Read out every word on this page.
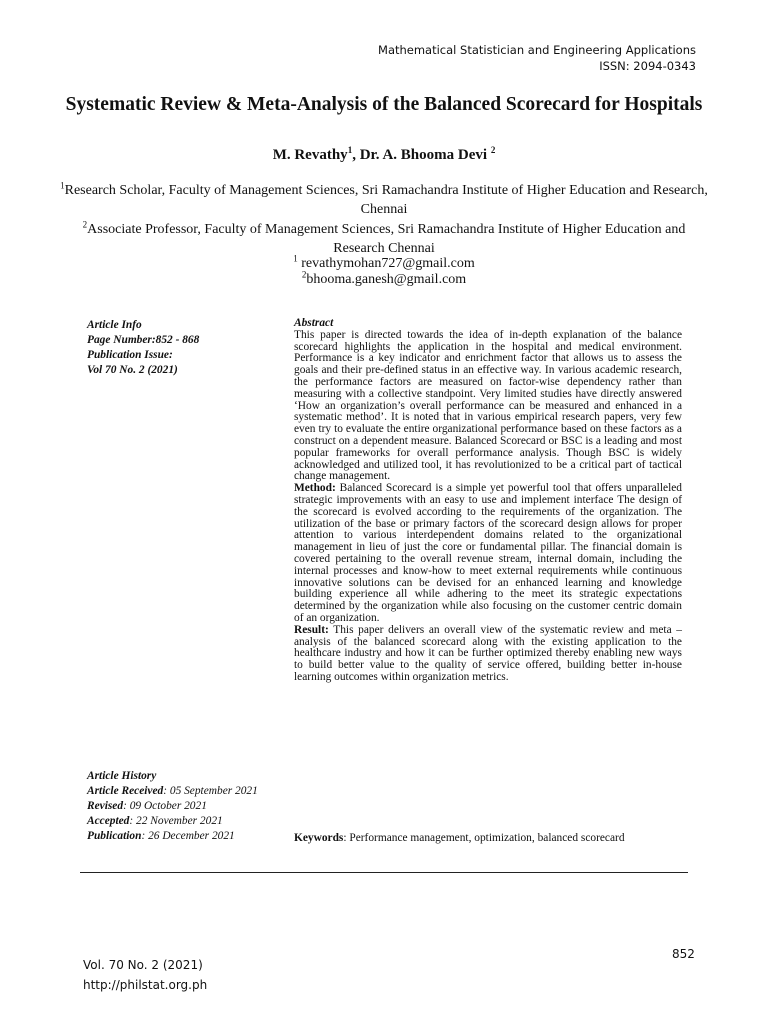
Mathematical Statistician and Engineering Applications
ISSN: 2094-0343
Systematic Review & Meta-Analysis of the Balanced Scorecard for Hospitals
M. Revathy$^1$, Dr. A. Bhooma Devi $^2$
$^1$Research Scholar, Faculty of Management Sciences, Sri Ramachandra Institute of Higher Education and Research, Chennai
$^2$Associate Professor, Faculty of Management Sciences, Sri Ramachandra Institute of Higher Education and Research Chennai
$^1$ revathymohan727@gmail.com
$^2$bhooma.ganesh@gmail.com
Article Info
Page Number:852 - 868
Publication Issue:
Vol 70 No. 2 (2021)
Article History
Article Received: 05 September 2021
Revised: 09 October 2021
Accepted: 22 November 2021
Publication: 26 December 2021

Abstract

This paper is directed towards the idea of in-depth explanation of the balance scorecard highlights the application in the hospital and medical environment. Performance is a key indicator and enrichment factor that allows us to assess the goals and their pre-defined status in an effective way. In various academic research, the performance factors are measured on factor-wise dependency rather than measuring with a collective standpoint. Very limited studies have directly answered ‘How an organization’s overall performance can be measured and enhanced in a systematic method’. It is noted that in various empirical research papers, very few even try to evaluate the entire organizational performance based on these factors as a construct on a dependent measure. Balanced Scorecard or BSC is a leading and most popular frameworks for overall performance analysis. Though BSC is widely acknowledged and utilized tool, it has revolutionized to be a critical part of tactical change management.

Method: Balanced Scorecard is a simple yet powerful tool that offers unparalleled strategic improvements with an easy to use and implement interface The design of the scorecard is evolved according to the requirements of the organization. The utilization of the base or primary factors of the scorecard design allows for proper attention to various interdependent domains related to the organizational management in lieu of just the core or fundamental pillar. The financial domain is covered pertaining to the overall revenue stream, internal domain, including the internal processes and know-how to meet external requirements while continuous innovative solutions can be devised for an enhanced learning and knowledge building experience all while adhering to the meet its strategic expectations determined by the organization while also focusing on the customer centric domain of an organization.

Result: This paper delivers an overall view of the systematic review and meta – analysis of the balanced scorecard along with the existing application to the healthcare industry and how it can be further optimized thereby enabling new ways to build better value to the quality of service offered, building better in-house learning outcomes within organization metrics.

Keywords: Performance management, optimization, balanced scorecard
852
Vol. 70 No. 2 (2021)
http://philstat.org.ph
